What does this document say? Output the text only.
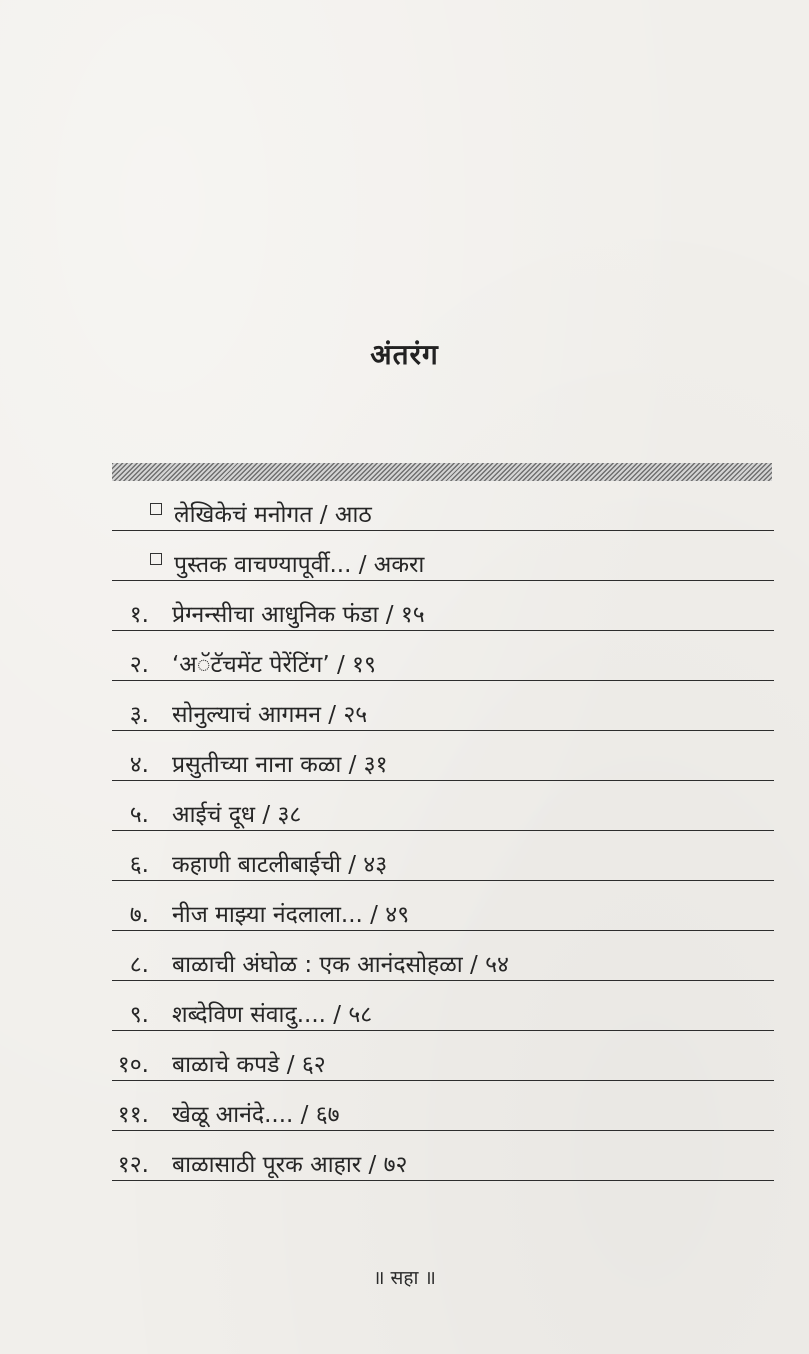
अंतरंग
लेखिकेचं मनोगत / आठ
पुस्तक वाचण्यापूर्वी... / अकरा
१. प्रेग्नन्सीचा आधुनिक फंडा / १५
२. ‘अॅटॅचमेंट पेरेंटिंग’ / १९
३. सोनुल्याचं आगमन / २५
४. प्रसुतीच्या नाना कळा / ३१
५. आईचं दूध / ३८
६. कहाणी बाटलीबाईची / ४३
७. नीज माझ्या नंदलाला... / ४९
८. बाळाची अंघोळ : एक आनंदसोहळा / ५४
९. शब्देविण संवादु.... / ५८
१०. बाळाचे कपडे / ६२
११. खेळू आनंदे.... / ६७
१२. बाळासाठी पूरक आहार / ७२
॥ सहा ॥
